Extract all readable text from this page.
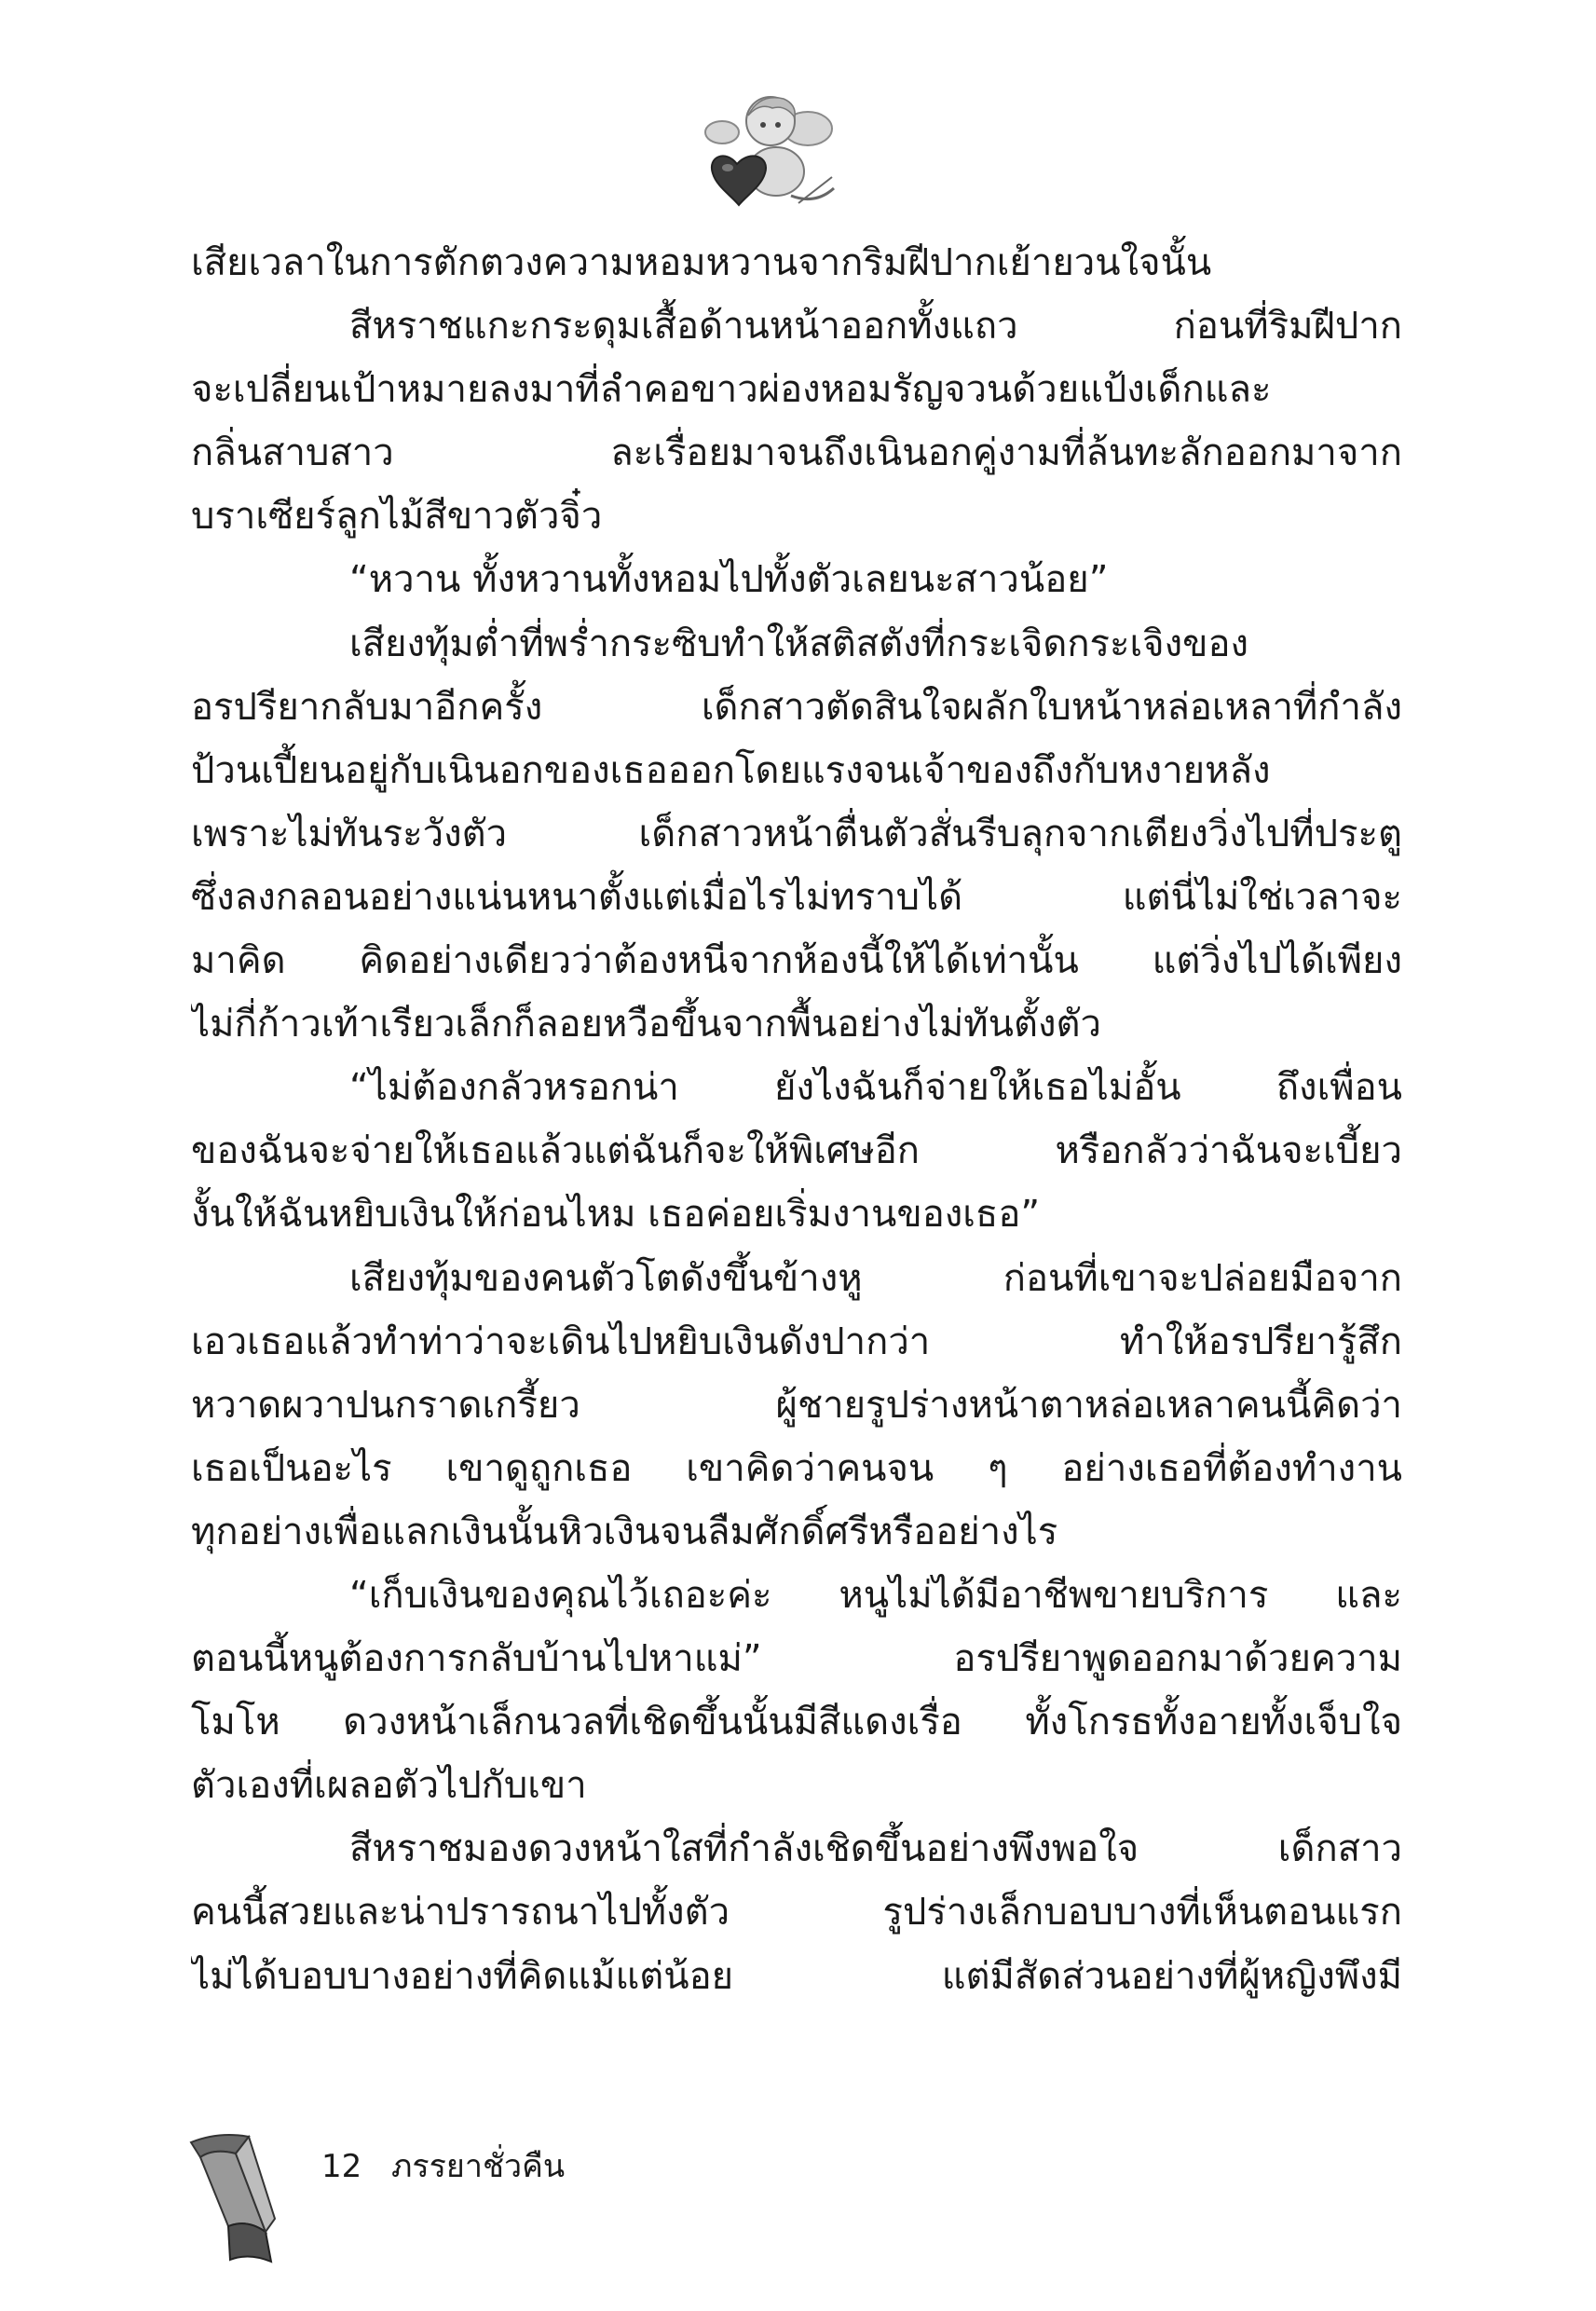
เสียเวลาในการตักตวงความหอมหวานจากริมฝีปากเย้ายวนใจนั้น
สีหราชแกะกระดุมเสื้อด้านหน้าออกทั้งแถว ก่อนที่ริมฝีปาก
จะเปลี่ยนเป้าหมายลงมาที่ลำคอขาวผ่องหอมรัญจวนด้วยแป้งเด็กและ
กลิ่นสาบสาว ละเรื่อยมาจนถึงเนินอกคู่งามที่ล้นทะลักออกมาจาก
บราเซียร์ลูกไม้สีขาวตัวจิ๋ว
“หวาน ทั้งหวานทั้งหอมไปทั้งตัวเลยนะสาวน้อย”
เสียงทุ้มต่ำที่พร่ำกระซิบทำให้สติสตังที่กระเจิดกระเจิงของ
อรปรียากลับมาอีกครั้ง เด็กสาวตัดสินใจผลักใบหน้าหล่อเหลาที่กำลัง
ป้วนเปี้ยนอยู่กับเนินอกของเธอออกโดยแรงจนเจ้าของถึงกับหงายหลัง
เพราะไม่ทันระวังตัว เด็กสาวหน้าตื่นตัวสั่นรีบลุกจากเตียงวิ่งไปที่ประตู
ซึ่งลงกลอนอย่างแน่นหนาตั้งแต่เมื่อไรไม่ทราบได้ แต่นี่ไม่ใช่เวลาจะ
มาคิด คิดอย่างเดียวว่าต้องหนีจากห้องนี้ให้ได้เท่านั้น แต่วิ่งไปได้เพียง
ไม่กี่ก้าวเท้าเรียวเล็กก็ลอยหวือขึ้นจากพื้นอย่างไม่ทันตั้งตัว
“ไม่ต้องกลัวหรอกน่า ยังไงฉันก็จ่ายให้เธอไม่อั้น ถึงเพื่อน
ของฉันจะจ่ายให้เธอแล้วแต่ฉันก็จะให้พิเศษอีก หรือกลัวว่าฉันจะเบี้ยว
งั้นให้ฉันหยิบเงินให้ก่อนไหม เธอค่อยเริ่มงานของเธอ”
เสียงทุ้มของคนตัวโตดังขึ้นข้างหู ก่อนที่เขาจะปล่อยมือจาก
เอวเธอแล้วทำท่าว่าจะเดินไปหยิบเงินดังปากว่า ทำให้อรปรียารู้สึก
หวาดผวาปนกราดเกรี้ยว ผู้ชายรูปร่างหน้าตาหล่อเหลาคนนี้คิดว่า
เธอเป็นอะไร เขาดูถูกเธอ เขาคิดว่าคนจน ๆ อย่างเธอที่ต้องทำงาน
ทุกอย่างเพื่อแลกเงินนั้นหิวเงินจนลืมศักดิ์ศรีหรืออย่างไร
“เก็บเงินของคุณไว้เถอะค่ะ หนูไม่ได้มีอาชีพขายบริการ และ
ตอนนี้หนูต้องการกลับบ้านไปหาแม่” อรปรียาพูดออกมาด้วยความ
โมโห ดวงหน้าเล็กนวลที่เชิดขึ้นนั้นมีสีแดงเรื่อ ทั้งโกรธทั้งอายทั้งเจ็บใจ
ตัวเองที่เผลอตัวไปกับเขา
สีหราชมองดวงหน้าใสที่กำลังเชิดขึ้นอย่างพึงพอใจ เด็กสาว
คนนี้สวยและน่าปรารถนาไปทั้งตัว รูปร่างเล็กบอบบางที่เห็นตอนแรก
ไม่ได้บอบบางอย่างที่คิดแม้แต่น้อย แต่มีสัดส่วนอย่างที่ผู้หญิงพึงมี
12 ภรรยาชั่วคืน
